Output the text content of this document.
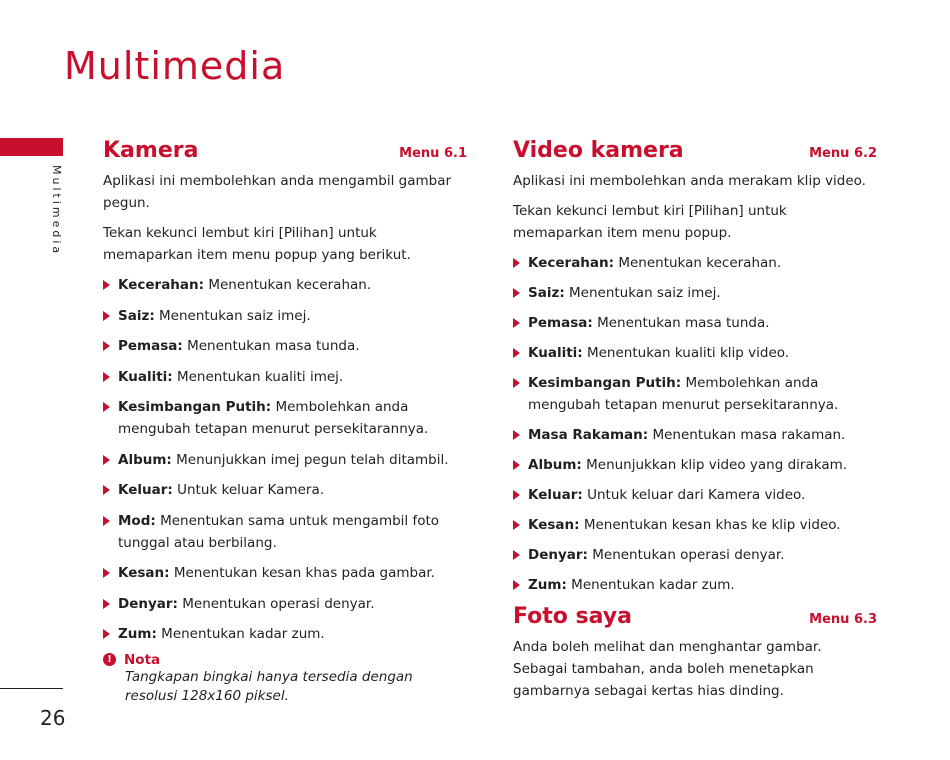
Multimedia
Multimedia
26
Kamera	Menu 6.1

Aplikasi ini membolehkan anda mengambil gambar pegun.

Tekan kekunci lembut kiri [Pilihan] untuk memaparkan item menu popup yang berikut.

Kecerahan: Menentukan kecerahan.
Saiz: Menentukan saiz imej.
Pemasa: Menentukan masa tunda.
Kualiti: Menentukan kualiti imej.
Kesimbangan Putih: Membolehkan anda mengubah tetapan menurut persekitarannya.
Album: Menunjukkan imej pegun telah ditambil.
Keluar: Untuk keluar Kamera.
Mod: Menentukan sama untuk mengambil foto tunggal atau berbilang.
Kesan: Menentukan kesan khas pada gambar.
Denyar: Menentukan operasi denyar.
Zum: Menentukan kadar zum.
! Nota
Tangkapan bingkai hanya tersedia dengan resolusi 128x160 piksel.
Video kamera	Menu 6.2

Aplikasi ini membolehkan anda merakam klip video.

Tekan kekunci lembut kiri [Pilihan] untuk memaparkan item menu popup.

Kecerahan: Menentukan kecerahan.
Saiz: Menentukan saiz imej.
Pemasa: Menentukan masa tunda.
Kualiti: Menentukan kualiti klip video.
Kesimbangan Putih: Membolehkan anda mengubah tetapan menurut persekitarannya.
Masa Rakaman: Menentukan masa rakaman.
Album: Menunjukkan klip video yang dirakam.
Keluar: Untuk keluar dari Kamera video.
Kesan: Menentukan kesan khas ke klip video.
Denyar: Menentukan operasi denyar.
Zum: Menentukan kadar zum.
Foto saya	Menu 6.3

Anda boleh melihat dan menghantar gambar. Sebagai tambahan, anda boleh menetapkan gambarnya sebagai kertas hias dinding.
